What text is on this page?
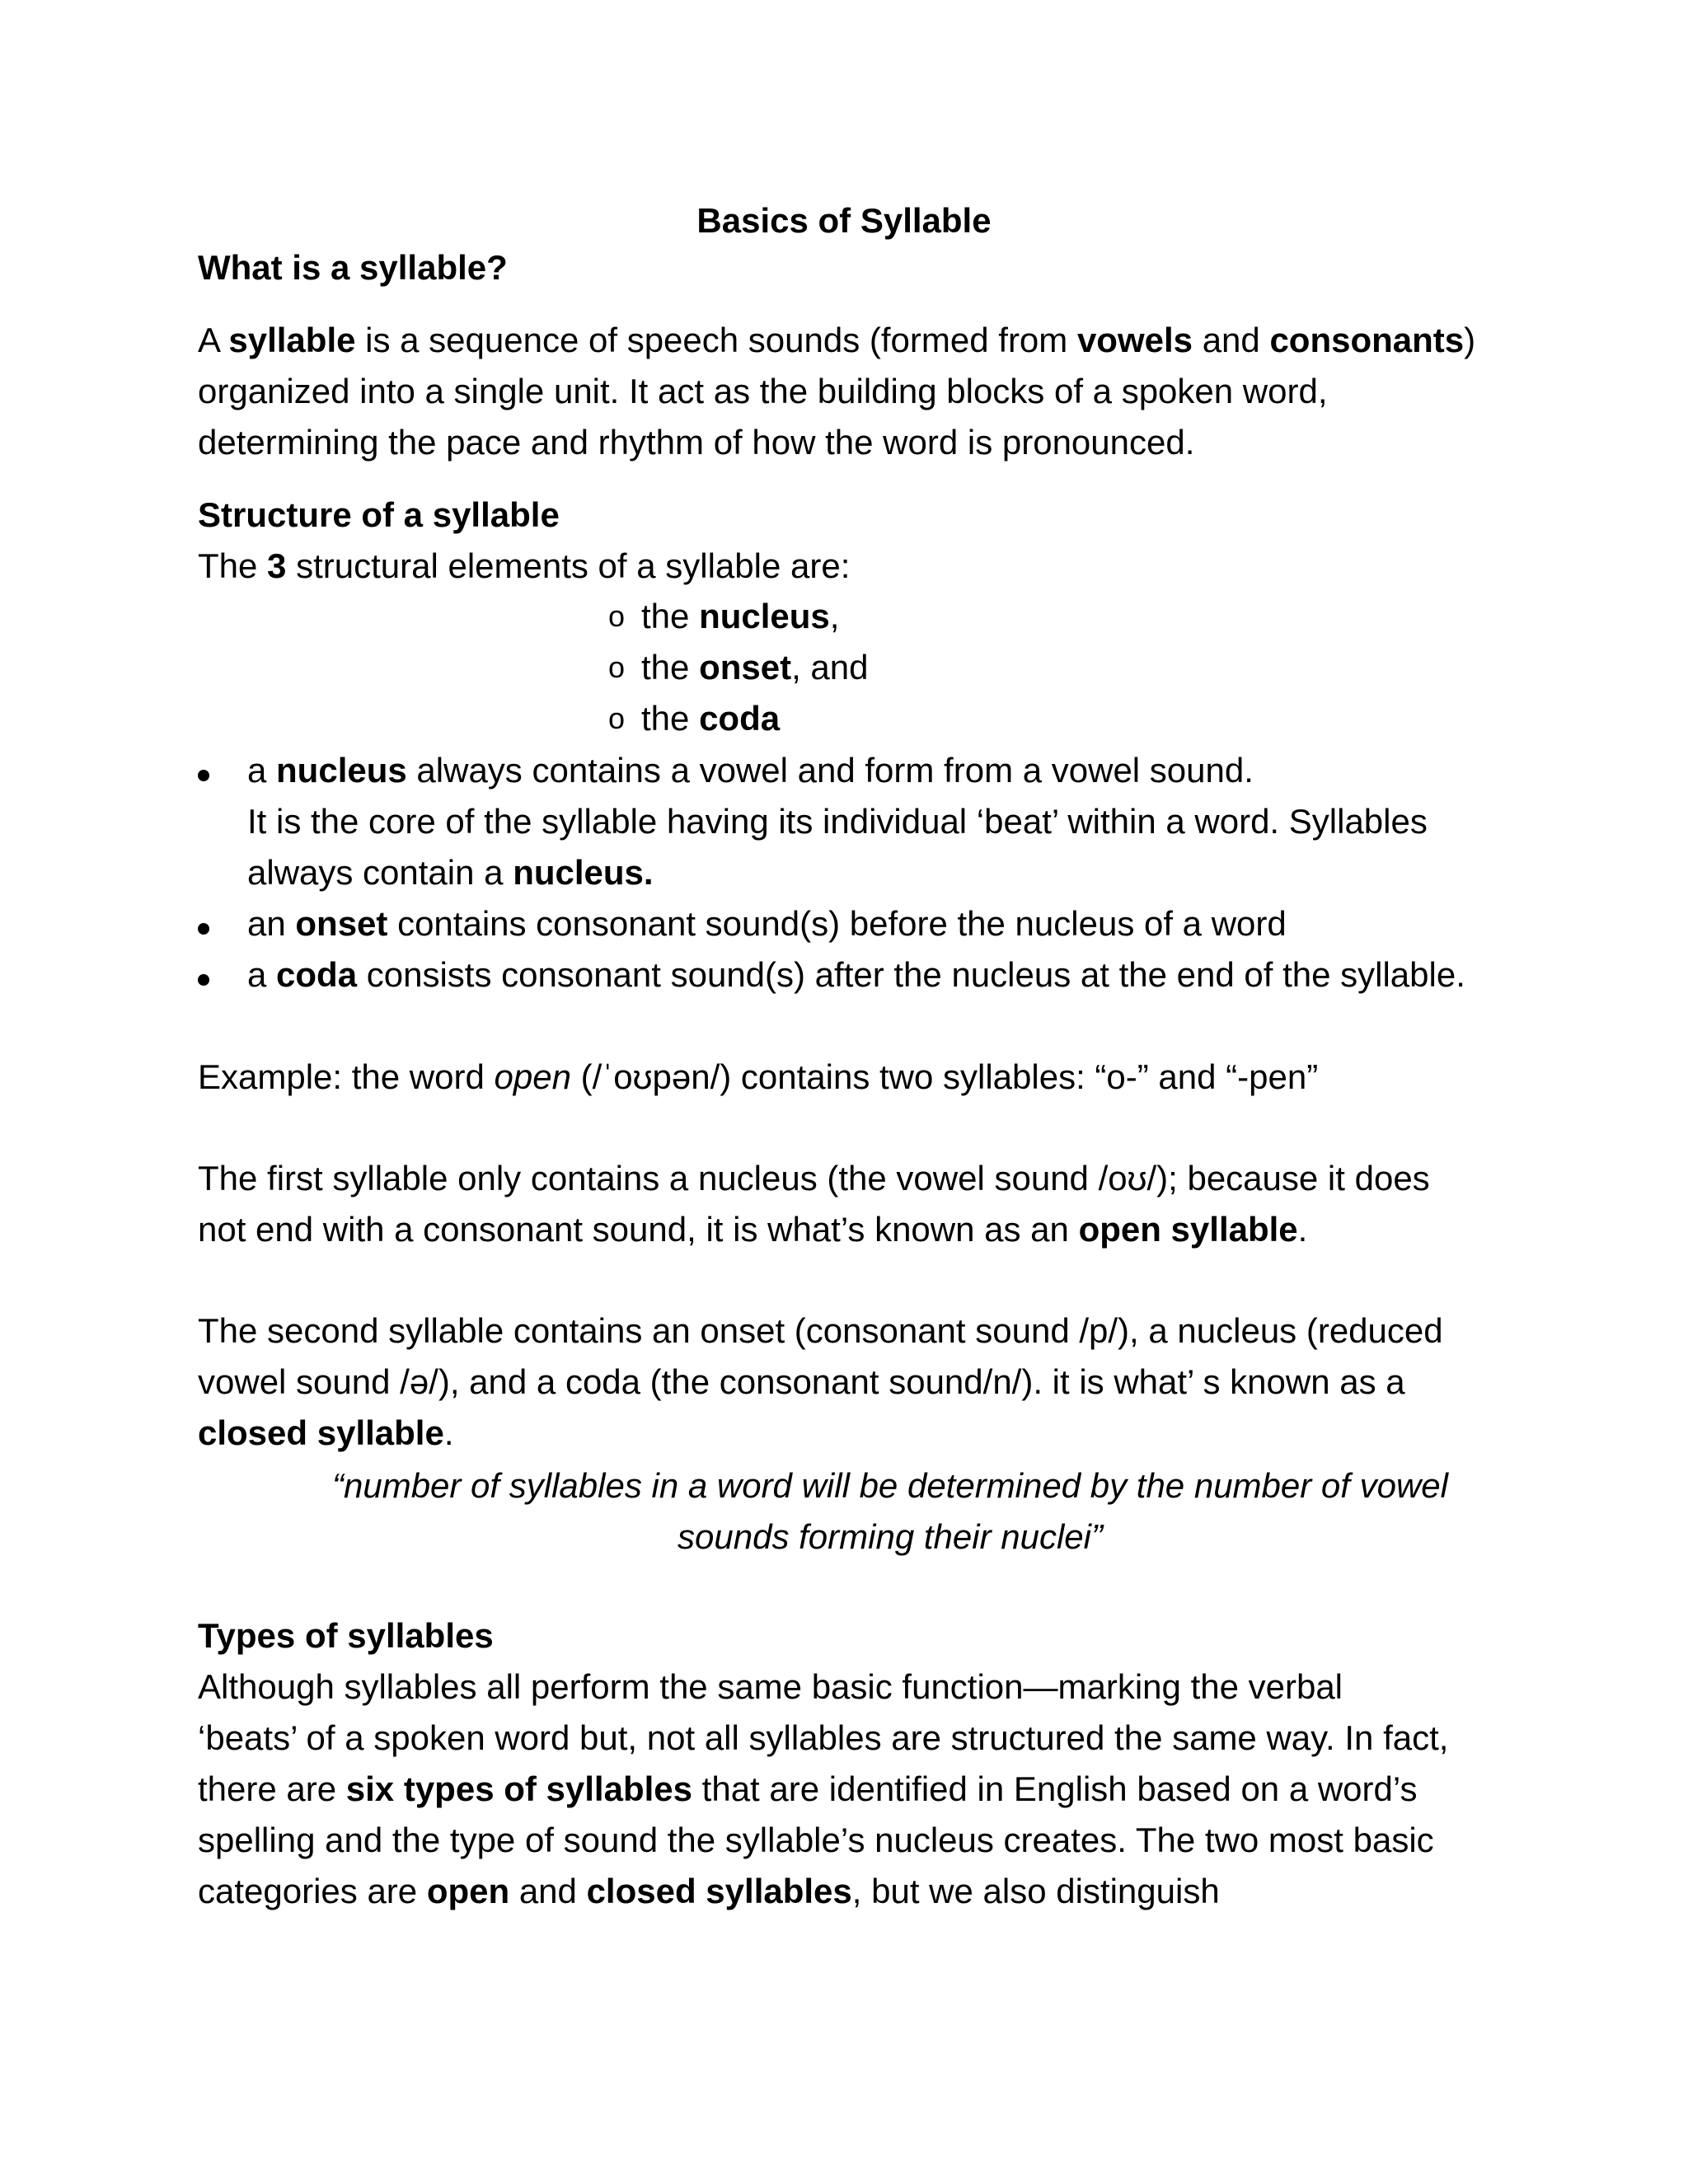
Basics of Syllable
What is a syllable?
A syllable is a sequence of speech sounds (formed from vowels and consonants)
organized into a single unit. It act as the building blocks of a spoken word,
determining the pace and rhythm of how the word is pronounced.
Structure of a syllable
The 3 structural elements of a syllable are:
o the nucleus,
o the onset, and
o the coda
a nucleus always contains a vowel and form from a vowel sound.
It is the core of the syllable having its individual ‘beat’ within a word. Syllables
always contain a nucleus.
an onset contains consonant sound(s) before the nucleus of a word
a coda consists consonant sound(s) after the nucleus at the end of the syllable.
Example: the word open (/ˈoʊpən/) contains two syllables: “o-” and “-pen”
The first syllable only contains a nucleus (the vowel sound /oʊ/); because it does
not end with a consonant sound, it is what’s known as an open syllable.
The second syllable contains an onset (consonant sound /p/), a nucleus (reduced
vowel sound /ə/), and a coda (the consonant sound/n/). it is what’ s known as a
closed syllable.
“number of syllables in a word will be determined by the number of vowel
sounds forming their nuclei”
Types of syllables
Although syllables all perform the same basic function—marking the verbal
‘beats’ of a spoken word but, not all syllables are structured the same way. In fact,
there are six types of syllables that are identified in English based on a word’s
spelling and the type of sound the syllable’s nucleus creates. The two most basic
categories are open and closed syllables, but we also distinguish
